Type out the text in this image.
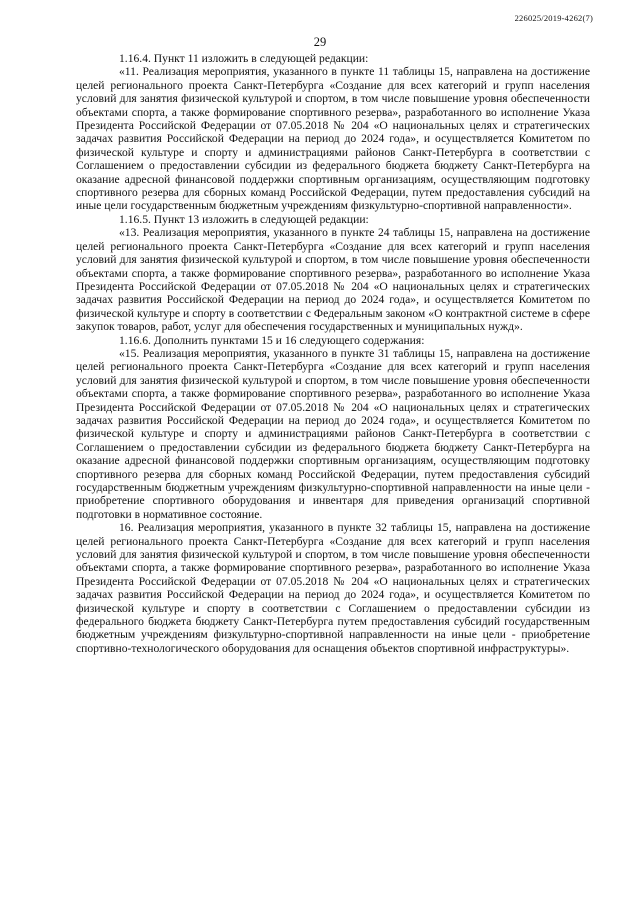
226025/2019-4262(7)
29

1.16.4. Пункт 11 изложить в следующей редакции:

«11. Реализация мероприятия, указанного в пункте 11 таблицы 15, направлена на достижение целей регионального проекта Санкт-Петербурга «Создание для всех категорий и групп населения условий для занятия физической культурой и спортом, в том числе повышение уровня обеспеченности объектами спорта, а также формирование спортивного резерва», разработанного во исполнение Указа Президента Российской Федерации от 07.05.2018 № 204 «О национальных целях и стратегических задачах развития Российской Федерации на период до 2024 года», и осуществляется Комитетом по физической культуре и спорту и администрациями районов Санкт-Петербурга в соответствии с Соглашением о предоставлении субсидии из федерального бюджета бюджету Санкт-Петербурга на оказание адресной финансовой поддержки спортивным организациям, осуществляющим подготовку спортивного резерва для сборных команд Российской Федерации, путем предоставления субсидий на иные цели государственным бюджетным учреждениям физкультурно-спортивной направленности».

1.16.5. Пункт 13 изложить в следующей редакции:

«13. Реализация мероприятия, указанного в пункте 24 таблицы 15, направлена на достижение целей регионального проекта Санкт-Петербурга «Создание для всех категорий и групп населения условий для занятия физической культурой и спортом, в том числе повышение уровня обеспеченности объектами спорта, а также формирование спортивного резерва», разработанного во исполнение Указа Президента Российской Федерации от 07.05.2018 № 204 «О национальных целях и стратегических задачах развития Российской Федерации на период до 2024 года», и осуществляется Комитетом по физической культуре и спорту в соответствии с Федеральным законом «О контрактной системе в сфере закупок товаров, работ, услуг для обеспечения государственных и муниципальных нужд».

1.16.6. Дополнить пунктами 15 и 16 следующего содержания:

«15. Реализация мероприятия, указанного в пункте 31 таблицы 15, направлена на достижение целей регионального проекта Санкт-Петербурга «Создание для всех категорий и групп населения условий для занятия физической культурой и спортом, в том числе повышение уровня обеспеченности объектами спорта, а также формирование спортивного резерва», разработанного во исполнение Указа Президента Российской Федерации от 07.05.2018 № 204 «О национальных целях и стратегических задачах развития Российской Федерации на период до 2024 года», и осуществляется Комитетом по физической культуре и спорту и администрациями районов Санкт-Петербурга в соответствии с Соглашением о предоставлении субсидии из федерального бюджета бюджету Санкт-Петербурга на оказание адресной финансовой поддержки спортивным организациям, осуществляющим подготовку спортивного резерва для сборных команд Российской Федерации, путем предоставления субсидий государственным бюджетным учреждениям физкультурно-спортивной направленности на иные цели - приобретение спортивного оборудования и инвентаря для приведения организаций спортивной подготовки в нормативное состояние.

16. Реализация мероприятия, указанного в пункте 32 таблицы 15, направлена на достижение целей регионального проекта Санкт-Петербурга «Создание для всех категорий и групп населения условий для занятия физической культурой и спортом, в том числе повышение уровня обеспеченности объектами спорта, а также формирование спортивного резерва», разработанного во исполнение Указа Президента Российской Федерации от 07.05.2018 № 204 «О национальных целях и стратегических задачах развития Российской Федерации на период до 2024 года», и осуществляется Комитетом по физической культуре и спорту в соответствии с Соглашением о предоставлении субсидии из федерального бюджета бюджету Санкт-Петербурга путем предоставления субсидий государственным бюджетным учреждениям физкультурно-спортивной направленности на иные цели - приобретение спортивно-технологического оборудования для оснащения объектов спортивной инфраструктуры».
